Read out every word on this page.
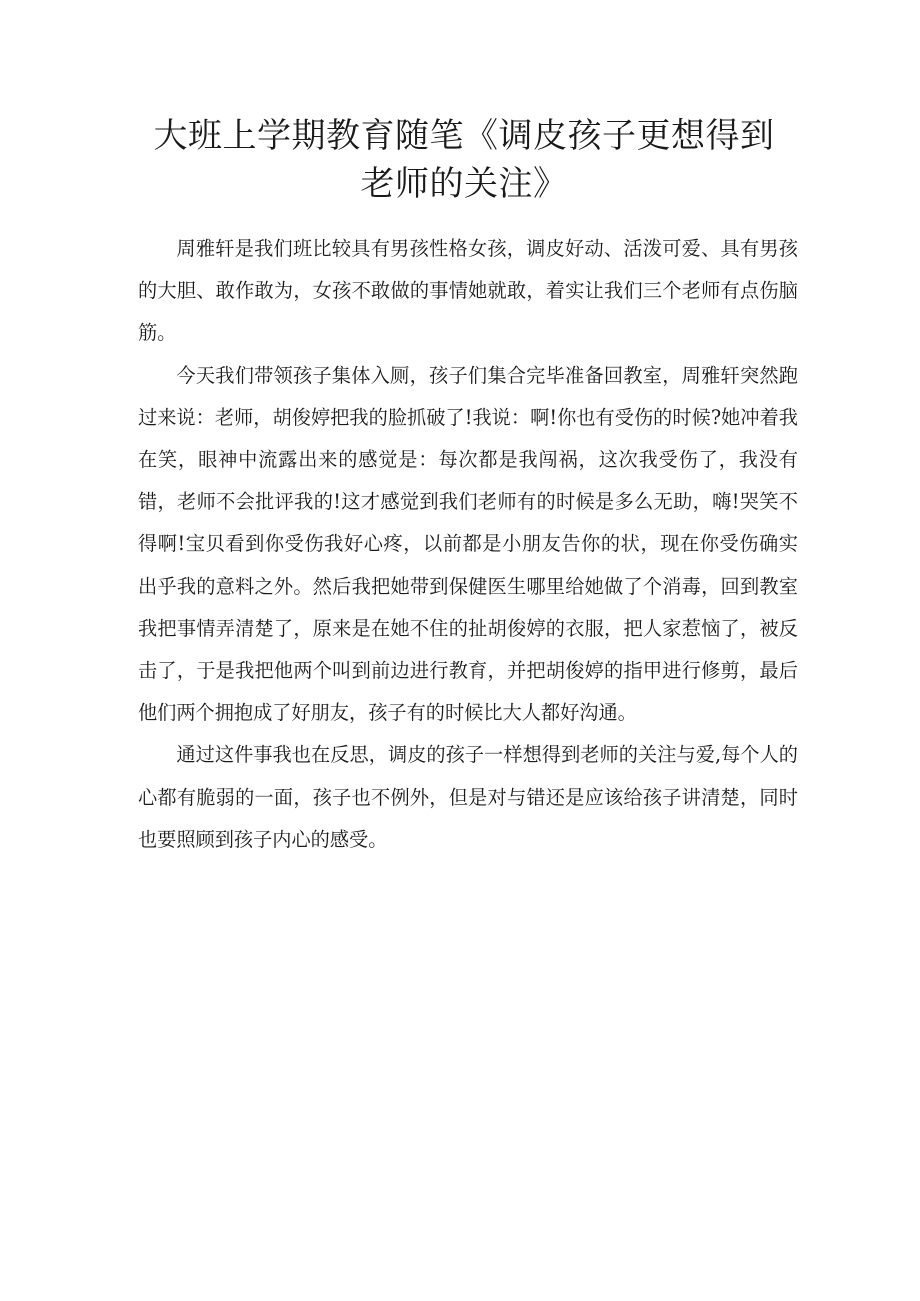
大班上学期教育随笔《调皮孩子更想得到老师的关注》

周雅轩是我们班比较具有男孩性格女孩，调皮好动、活泼可爱、具有男孩的大胆、敢作敢为，女孩不敢做的事情她就敢，着实让我们三个老师有点伤脑筋。

今天我们带领孩子集体入厕，孩子们集合完毕准备回教室，周雅轩突然跑过来说：老师，胡俊婷把我的脸抓破了!我说：啊!你也有受伤的时候?她冲着我在笑，眼神中流露出来的感觉是：每次都是我闯祸，这次我受伤了，我没有错，老师不会批评我的!这才感觉到我们老师有的时候是多么无助，嗨!哭笑不得啊!宝贝看到你受伤我好心疼，以前都是小朋友告你的状，现在你受伤确实出乎我的意料之外。然后我把她带到保健医生哪里给她做了个消毒，回到教室我把事情弄清楚了，原来是在她不住的扯胡俊婷的衣服，把人家惹恼了，被反击了，于是我把他两个叫到前边进行教育，并把胡俊婷的指甲进行修剪，最后他们两个拥抱成了好朋友，孩子有的时候比大人都好沟通。

通过这件事我也在反思，调皮的孩子一样想得到老师的关注与爱,每个人的心都有脆弱的一面，孩子也不例外，但是对与错还是应该给孩子讲清楚，同时也要照顾到孩子内心的感受。
